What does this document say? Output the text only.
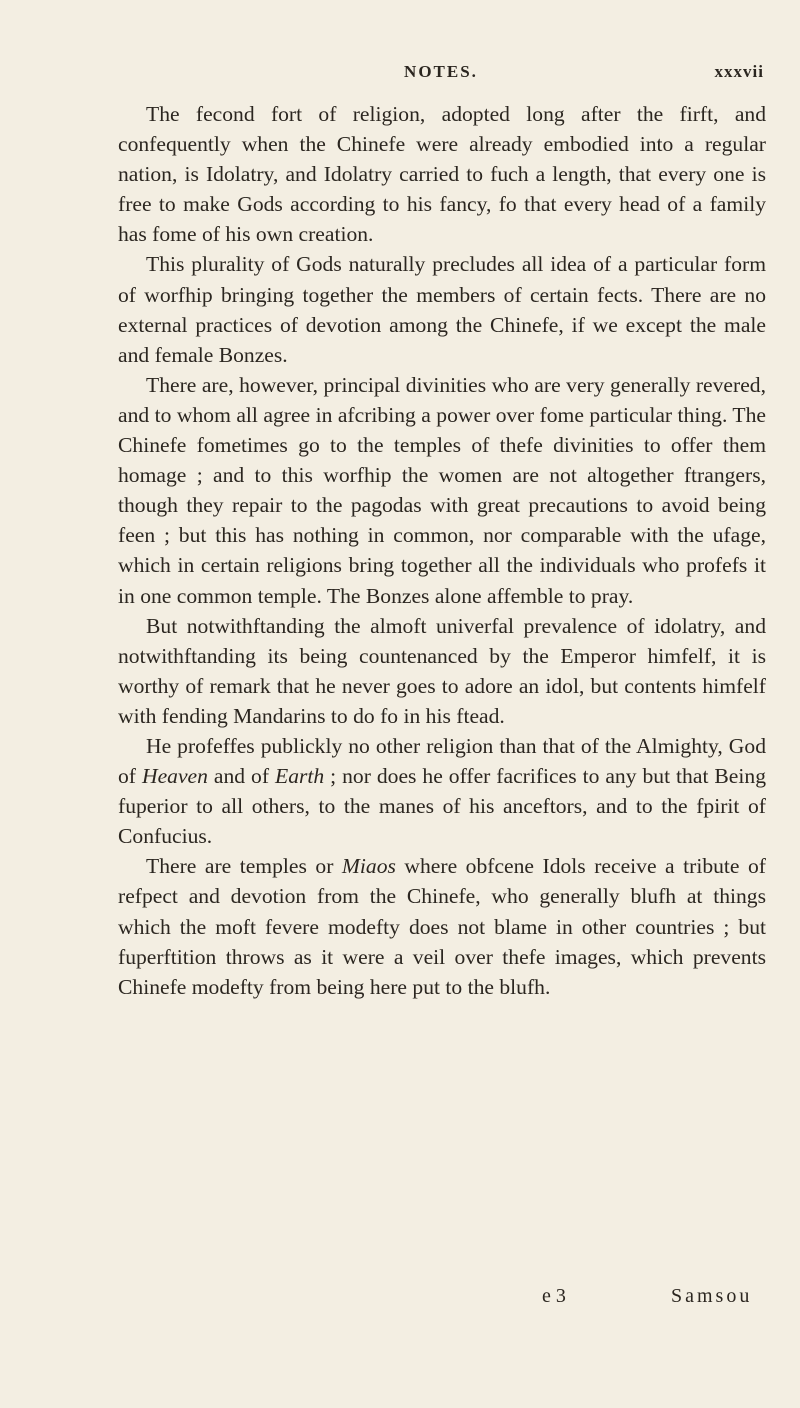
NOTES.	xxxvii

The fecond fort of religion, adopted long after the firft, and confequently when the Chinefe were already embodied into a regular nation, is Idolatry, and Idolatry carried to fuch a length, that every one is free to make Gods according to his fancy, fo that every head of a family has fome of his own creation.

This plurality of Gods naturally precludes all idea of a particular form of worfhip bringing together the members of certain fects. There are no external practices of devotion among the Chinefe, if we except the male and female Bonzes.

There are, however, principal divinities who are very generally revered, and to whom all agree in afcribing a power over fome particular thing. The Chinefe fometimes go to the temples of thefe divinities to offer them homage ; and to this worfhip the women are not altogether ftrangers, though they repair to the pagodas with great precautions to avoid being feen ; but this has nothing in common, nor comparable with the ufage, which in certain religions bring together all the individuals who profefs it in one common temple. The Bonzes alone affemble to pray.

But notwithftanding the almoft univerfal prevalence of idolatry, and notwithftanding its being countenanced by the Emperor himfelf, it is worthy of remark that he never goes to adore an idol, but contents himfelf with fending Mandarins to do fo in his ftead.

He profeffes publickly no other religion than that of the Almighty, God of Heaven and of Earth ; nor does he offer facrifices to any but that Being fuperior to all others, to the manes of his anceftors, and to the fpirit of Confucius.

There are temples or Miaos where obfcene Idols receive a tribute of refpect and devotion from the Chinefe, who generally blufh at things which the moft fevere modefty does not blame in other countries ; but fuperftition throws as it were a veil over thefe images, which prevents Chinefe modefty from being here put to the blufh.

e 3	Samsou
